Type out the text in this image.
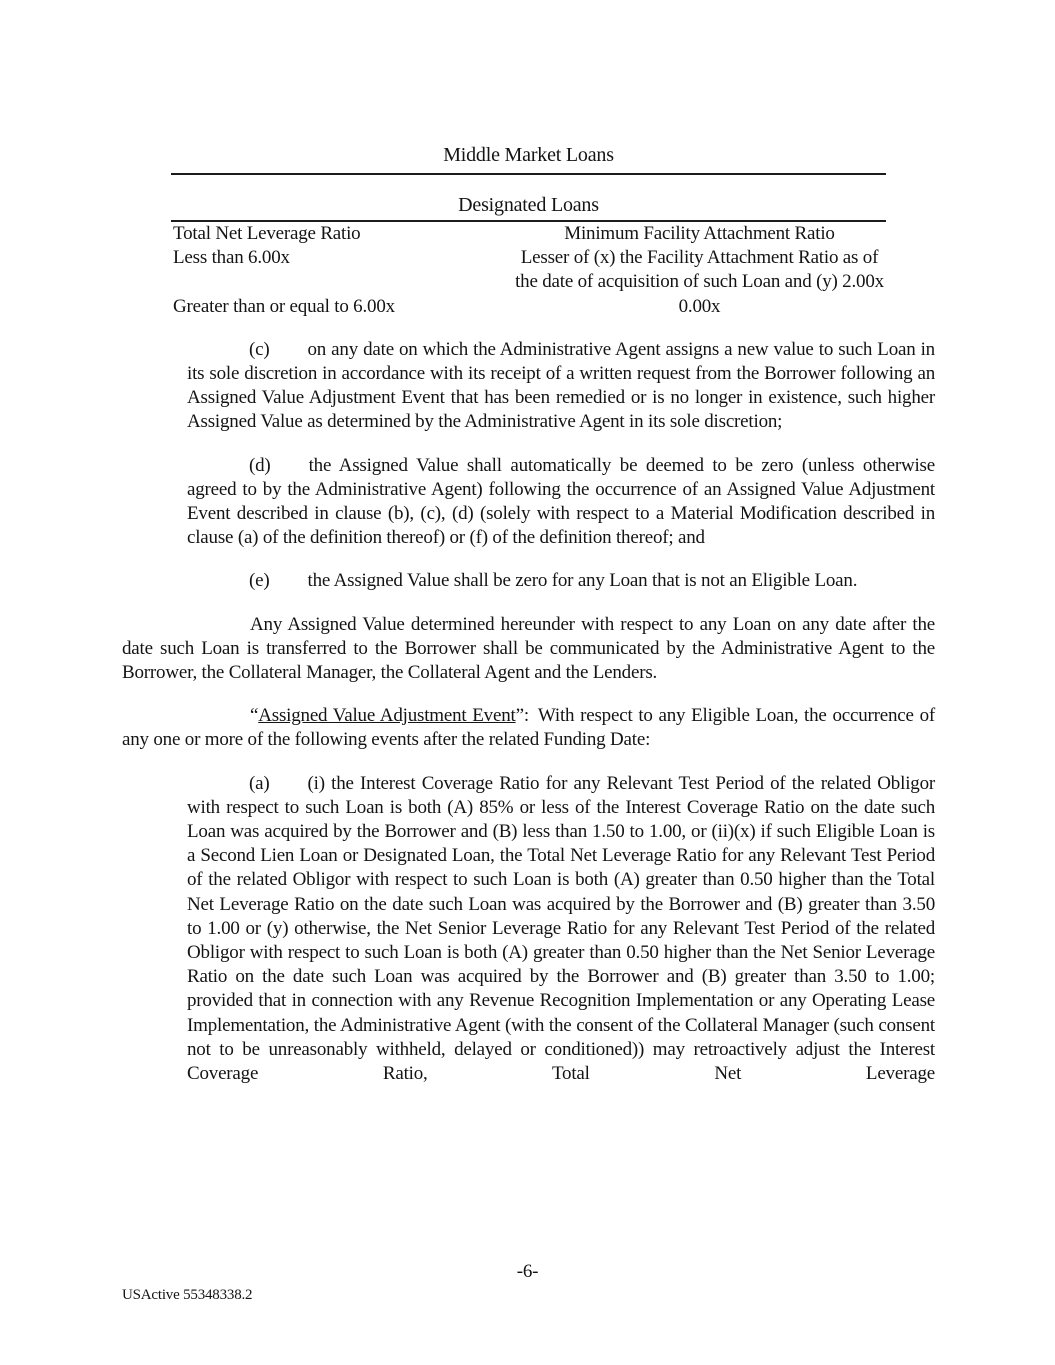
Middle Market Loans
Designated Loans
Total Net Leverage Ratio	Minimum Facility Attachment Ratio
Less than 6.00x	Lesser of (x) the Facility Attachment Ratio as of the date of acquisition of such Loan and (y) 2.00x
Greater than or equal to 6.00x	0.00x

(c) on any date on which the Administrative Agent assigns a new value to such Loan in its sole discretion in accordance with its receipt of a written request from the Borrower following an Assigned Value Adjustment Event that has been remedied or is no longer in existence, such higher Assigned Value as determined by the Administrative Agent in its sole discretion;

(d) the Assigned Value shall automatically be deemed to be zero (unless otherwise agreed to by the Administrative Agent) following the occurrence of an Assigned Value Adjustment Event described in clause (b), (c), (d) (solely with respect to a Material Modification described in clause (a) of the definition thereof) or (f) of the definition thereof; and

(e) the Assigned Value shall be zero for any Loan that is not an Eligible Loan.

Any Assigned Value determined hereunder with respect to any Loan on any date after the date such Loan is transferred to the Borrower shall be communicated by the Administrative Agent to the Borrower, the Collateral Manager, the Collateral Agent and the Lenders.

“Assigned Value Adjustment Event”: With respect to any Eligible Loan, the occurrence of any one or more of the following events after the related Funding Date:

(a) (i) the Interest Coverage Ratio for any Relevant Test Period of the related Obligor with respect to such Loan is both (A) 85% or less of the Interest Coverage Ratio on the date such Loan was acquired by the Borrower and (B) less than 1.50 to 1.00, or (ii)(x) if such Eligible Loan is a Second Lien Loan or Designated Loan, the Total Net Leverage Ratio for any Relevant Test Period of the related Obligor with respect to such Loan is both (A) greater than 0.50 higher than the Total Net Leverage Ratio on the date such Loan was acquired by the Borrower and (B) greater than 3.50 to 1.00 or (y) otherwise, the Net Senior Leverage Ratio for any Relevant Test Period of the related Obligor with respect to such Loan is both (A) greater than 0.50 higher than the Net Senior Leverage Ratio on the date such Loan was acquired by the Borrower and (B) greater than 3.50 to 1.00; provided that in connection with any Revenue Recognition Implementation or any Operating Lease Implementation, the Administrative Agent (with the consent of the Collateral Manager (such consent not to be unreasonably withheld, delayed or conditioned)) may retroactively adjust the Interest Coverage Ratio, Total Net Leverage

-6-
USActive 55348338.2
